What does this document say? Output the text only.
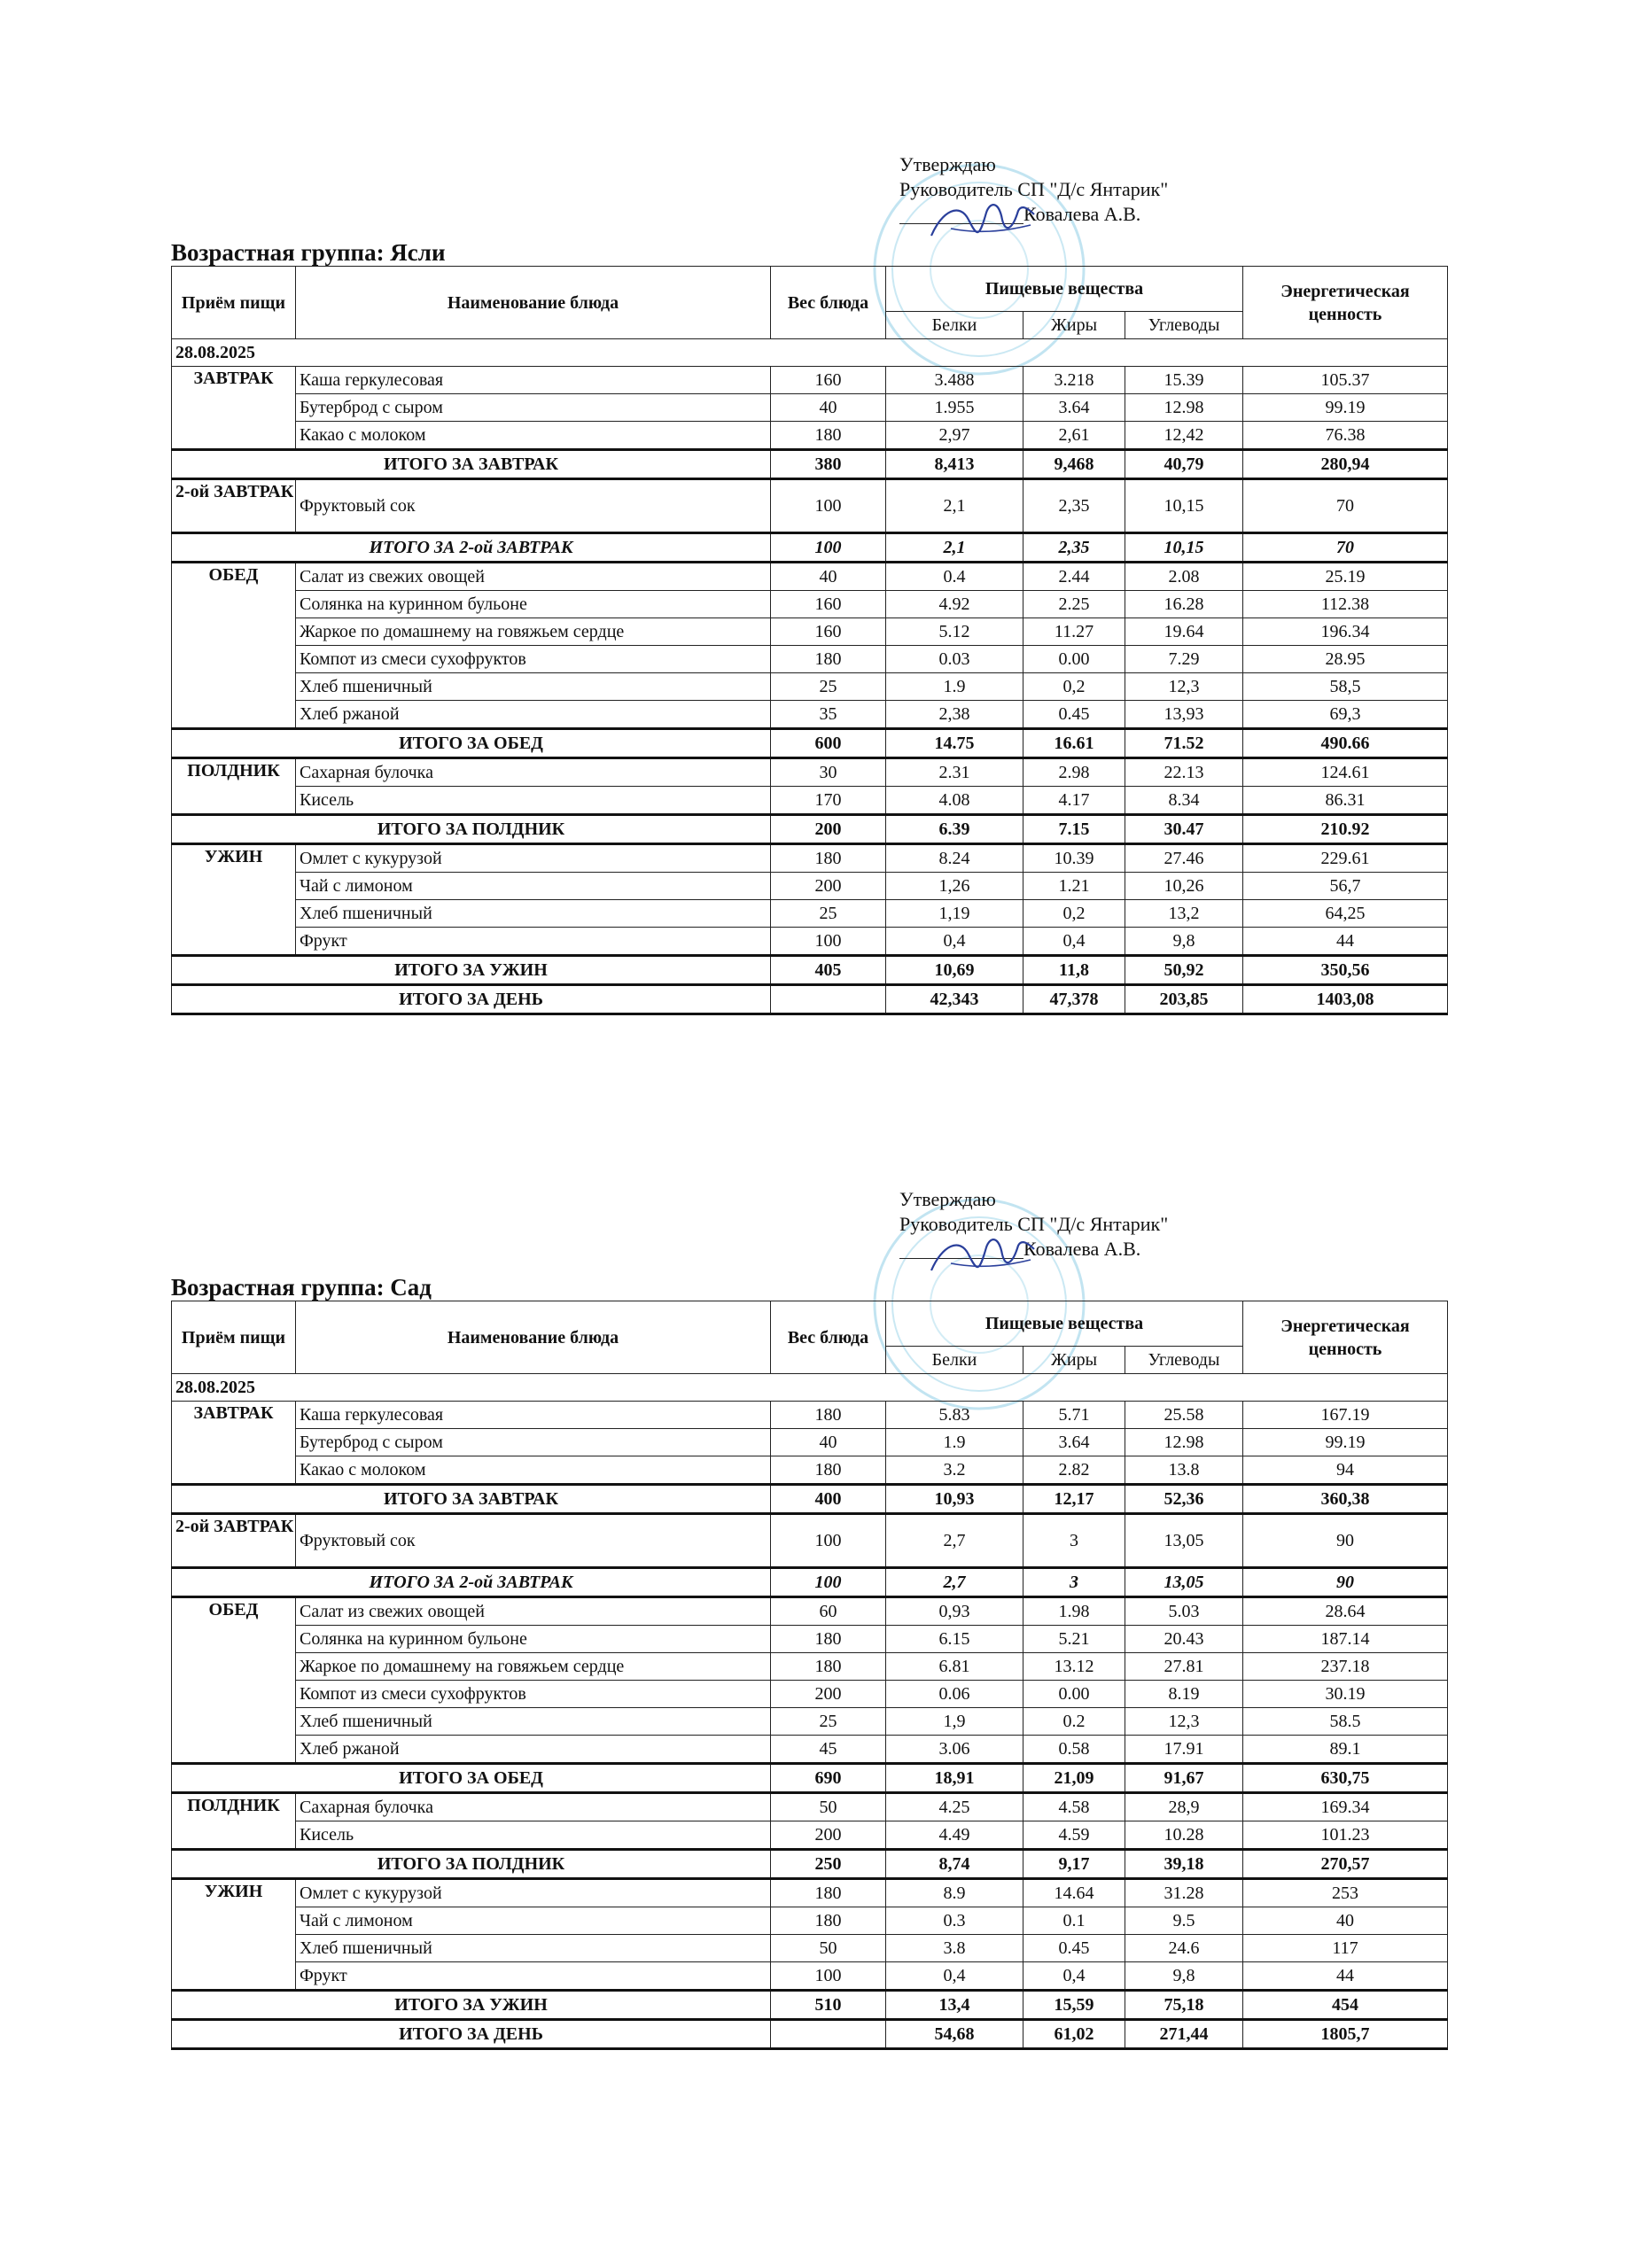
Утверждаю
Руководитель СП "Д/с Янтарик"
Ковалева А.В.
Возрастная группа: Ясли
Приём пищи	Наименование блюда	Вес блюда	Пищевые вещества			Энергетическая ценность
			Белки	Жиры	Углеводы	
28.08.2025						
ЗАВТРАК	Каша геркулесовая	160	3.488	3.218	15.39	105.37
	Бутерброд с сыром	40	1.955	3.64	12.98	99.19
	Какао с молоком	180	2,97	2,61	12,42	76.38
ИТОГО ЗА ЗАВТРАК		380	8,413	9,468	40,79	280,94
2-ой ЗАВТРАК	Фруктовый сок	100	2,1	2,35	10,15	70
ИТОГО ЗА 2-ой ЗАВТРАК		100	2,1	2,35	10,15	70
ОБЕД	Салат из свежих овощей	40	0.4	2.44	2.08	25.19
	Солянка на куринном бульоне	160	4.92	2.25	16.28	112.38
	Жаркое по домашнему на говяжьем сердце	160	5.12	11.27	19.64	196.34
	Компот из смеси сухофруктов	180	0.03	0.00	7.29	28.95
	Хлеб пшеничный	25	1.9	0,2	12,3	58,5
	Хлеб ржаной	35	2,38	0.45	13,93	69,3
ИТОГО ЗА ОБЕД		600	14.75	16.61	71.52	490.66
ПОЛДНИК	Сахарная булочка	30	2.31	2.98	22.13	124.61
	Кисель	170	4.08	4.17	8.34	86.31
ИТОГО ЗА ПОЛДНИК		200	6.39	7.15	30.47	210.92
УЖИН	Омлет с кукурузой	180	8.24	10.39	27.46	229.61
	Чай с лимоном	200	1,26	1.21	10,26	56,7
	Хлеб пшеничный	25	1,19	0,2	13,2	64,25
	Фрукт	100	0,4	0,4	9,8	44
ИТОГО ЗА УЖИН		405	10,69	11,8	50,92	350,56
ИТОГО ЗА ДЕНЬ			42,343	47,378	203,85	1403,08
Утверждаю
Руководитель СП "Д/с Янтарик"
Ковалева А.В.
Возрастная группа: Сад
Приём пищи	Наименование блюда	Вес блюда	Пищевые вещества			Энергетическая ценность
			Белки	Жиры	Углеводы	
28.08.2025						
ЗАВТРАК	Каша геркулесовая	180	5.83	5.71	25.58	167.19
	Бутерброд с сыром	40	1.9	3.64	12.98	99.19
	Какао с молоком	180	3.2	2.82	13.8	94
ИТОГО ЗА ЗАВТРАК		400	10,93	12,17	52,36	360,38
2-ой ЗАВТРАК	Фруктовый сок	100	2,7	3	13,05	90
ИТОГО ЗА 2-ой ЗАВТРАК		100	2,7	3	13,05	90
ОБЕД	Салат из свежих овощей	60	0,93	1.98	5.03	28.64
	Солянка на куринном бульоне	180	6.15	5.21	20.43	187.14
	Жаркое по домашнему на говяжьем сердце	180	6.81	13.12	27.81	237.18
	Компот из смеси сухофруктов	200	0.06	0.00	8.19	30.19
	Хлеб пшеничный	25	1,9	0.2	12,3	58.5
	Хлеб ржаной	45	3.06	0.58	17.91	89.1
ИТОГО ЗА ОБЕД		690	18,91	21,09	91,67	630,75
ПОЛДНИК	Сахарная булочка	50	4.25	4.58	28,9	169.34
	Кисель	200	4.49	4.59	10.28	101.23
ИТОГО ЗА ПОЛДНИК		250	8,74	9,17	39,18	270,57
УЖИН	Омлет с кукурузой	180	8.9	14.64	31.28	253
	Чай с лимоном	180	0.3	0.1	9.5	40
	Хлеб пшеничный	50	3.8	0.45	24.6	117
	Фрукт	100	0,4	0,4	9,8	44
ИТОГО ЗА УЖИН		510	13,4	15,59	75,18	454
ИТОГО ЗА ДЕНЬ			54,68	61,02	271,44	1805,7
